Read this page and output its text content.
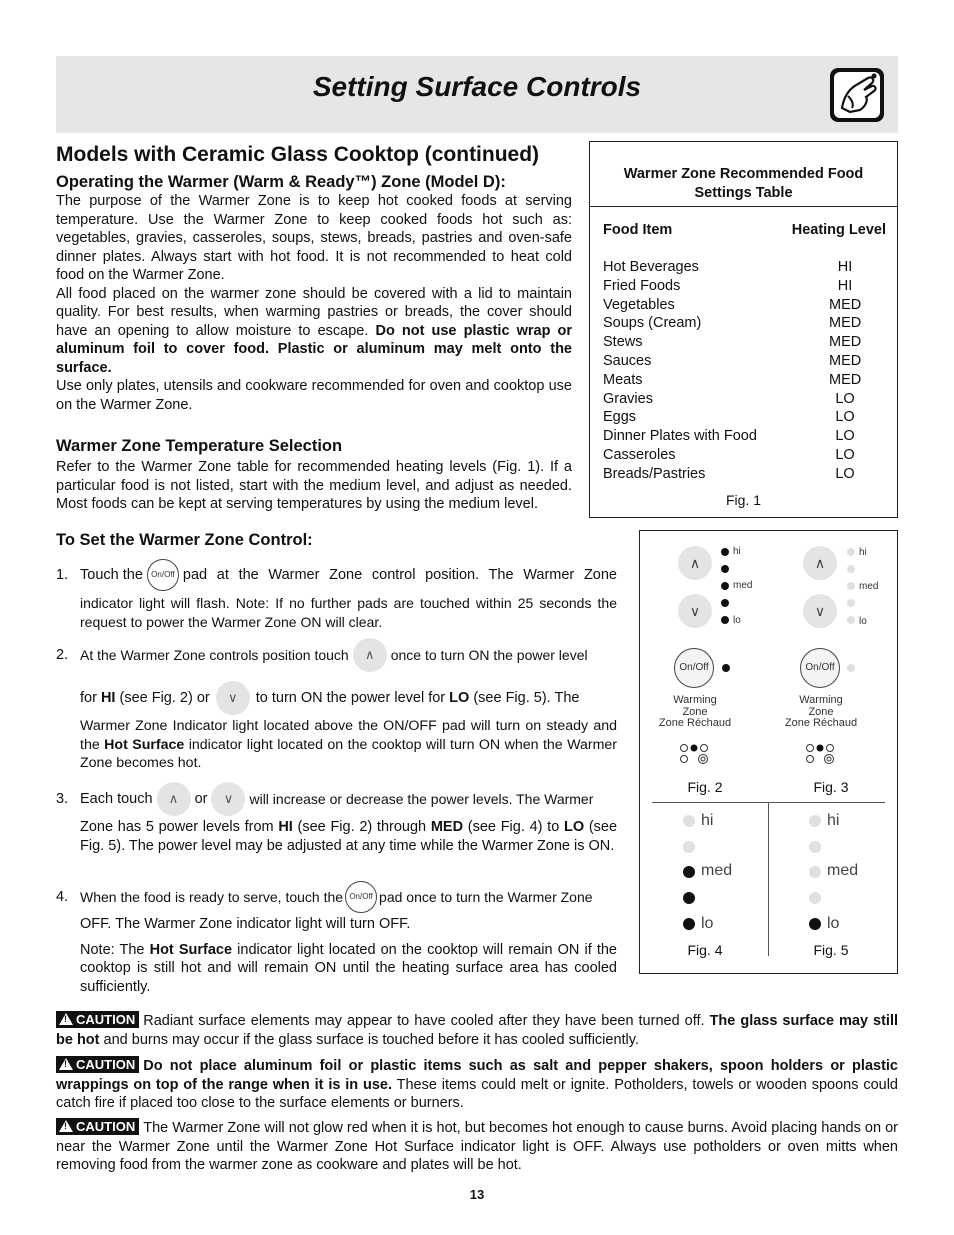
Setting Surface Controls
Models with Ceramic Glass Cooktop (continued)
Operating the Warmer (Warm & Ready™) Zone (Model D):
The purpose of the Warmer Zone is to keep hot cooked foods at serving temperature. Use the Warmer Zone to keep cooked foods hot such as: vegetables, gravies, casseroles, soups, stews, breads, pastries and oven-safe dinner plates. Always start with hot food. It is not recommended to heat cold food on the Warmer Zone.
All food placed on the warmer zone should be covered with a lid to maintain quality. For best results, when warming pastries or breads, the cover should have an opening to allow moisture to escape. Do not use plastic wrap or aluminum foil to cover food. Plastic or aluminum may melt onto the surface.
Use only plates, utensils and cookware recommended for oven and cooktop use on the Warmer Zone.
Warmer Zone Temperature Selection
Refer to the Warmer Zone table for recommended heating levels (Fig. 1). If a particular food is not listed, start with the medium level, and adjust as needed. Most foods can be kept at serving temperatures by using the medium level.
Warmer Zone Recommended Food Settings Table
Food Item	Heating Level
Hot Beverages	HI
Fried Foods	HI
Vegetables	MED
Soups (Cream)	MED
Stews	MED
Sauces	MED
Meats	MED
Gravies	LO
Eggs	LO
Dinner Plates with Food	LO
Casseroles	LO
Breads/Pastries	LO
Fig. 1
To Set the Warmer Zone Control:
1. Touch the	On/Off pad at the Warmer Zone control position. The Warmer Zone
indicator light will flash. Note: If no further pads are touched within 25 seconds the request to power the Warmer Zone ON will clear.
2. At the Warmer Zone controls position touch	∧	once to turn ON the power level
for
HI
(see Fig. 2) or	∨	to turn ON the power level for
LO
(see Fig. 5). The
Warmer Zone Indicator light located above the ON/OFF pad will turn on steady and the Hot Surface indicator light located on the cooktop will turn ON when the Warmer Zone becomes hot.
3. Each touch	∧	or	∨	will increase or decrease the power levels. The Warmer
Zone has 5 power levels from HI (see Fig. 2) through MED (see Fig. 4) to LO (see Fig. 5). The power level may be adjusted at any time while the Warmer Zone is ON.
4. When the food is ready to serve, touch the On/Off pad once to turn the Warmer Zone
OFF. The Warmer Zone indicator light will turn OFF.
Note: The Hot Surface indicator light located on the cooktop will remain ON if the cooktop is still hot and will remain ON until the heating surface area has cooled sufficiently.
∧
∨
hi
med
lo
On/Off
Warming
Zone
Zone Réchaud
Fig. 2
∧
∨
hi
med
lo
On/Off
Warming
Zone
Zone Réchaud
Fig. 3
hi
med
lo
Fig. 4
hi
med
lo
Fig. 5
!CAUTION Radiant surface elements may appear to have cooled after they have been turned off. The glass surface may still be hot and burns may occur if the glass surface is touched before it has cooled sufficiently.
!CAUTION Do not place aluminum foil or plastic items such as salt and pepper shakers, spoon holders or plastic wrappings on top of the range when it is in use. These items could melt or ignite. Potholders, towels or wooden spoons could catch fire if placed too close to the surface elements or burners.
!CAUTION The Warmer Zone will not glow red when it is hot, but becomes hot enough to cause burns. Avoid placing hands on or near the Warmer Zone until the Warmer Zone Hot Surface indicator light is OFF. Always use potholders or oven mitts when removing food from the warmer zone as cookware and plates will be hot.
13
